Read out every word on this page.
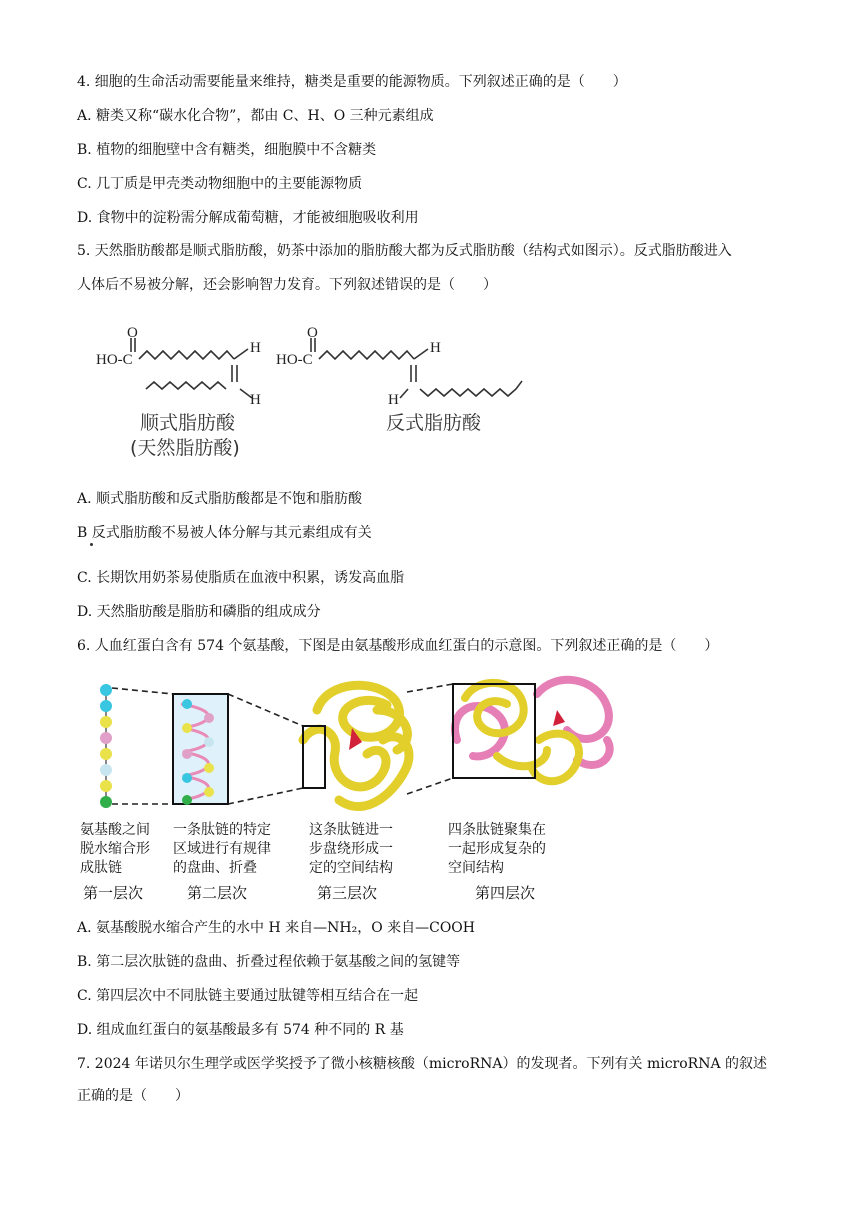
4. 细胞的生命活动需要能量来维持，糖类是重要的能源物质。下列叙述正确的是（　　）
A. 糖类又称“碳水化合物”，都由 C、H、O 三种元素组成
B. 植物的细胞壁中含有糖类，细胞膜中不含糖类
C. 几丁质是甲壳类动物细胞中的主要能源物质
D. 食物中的淀粉需分解成葡萄糖，才能被细胞吸收利用
5. 天然脂肪酸都是顺式脂肪酸，奶茶中添加的脂肪酸大都为反式脂肪酸（结构式如图示）。反式脂肪酸进入
人体后不易被分解，还会影响智力发育。下列叙述错误的是（　　）
O
HO-C
H
H
顺式脂肪酸
(天然脂肪酸)
O
HO-C
H
H
反式脂肪酸
A. 顺式脂肪酸和反式脂肪酸都是不饱和脂肪酸
B 反式脂肪酸不易被人体分解与其元素组成有关
C. 长期饮用奶茶易使脂质在血液中积累，诱发高血脂
D. 天然脂肪酸是脂肪和磷脂的组成成分
6. 人血红蛋白含有 574 个氨基酸，下图是由氨基酸形成血红蛋白的示意图。下列叙述正确的是（　　）
氨基酸之间
脱水缩合形
成肽链
一条肽链的特定
区域进行有规律
的盘曲、折叠
这条肽链进一
步盘绕形成一
定的空间结构
四条肽链聚集在
一起形成复杂的
空间结构
第一层次	第二层次	第三层次	第四层次
A. 氨基酸脱水缩合产生的水中 H 来自—NH₂，O 来自—COOH
B. 第二层次肽链的盘曲、折叠过程依赖于氨基酸之间的氢键等
C. 第四层次中不同肽链主要通过肽键等相互结合在一起
D. 组成血红蛋白的氨基酸最多有 574 种不同的 R 基
7. 2024 年诺贝尔生理学或医学奖授予了微小核糖核酸（microRNA）的发现者。下列有关 microRNA 的叙述
正确的是（　　）
